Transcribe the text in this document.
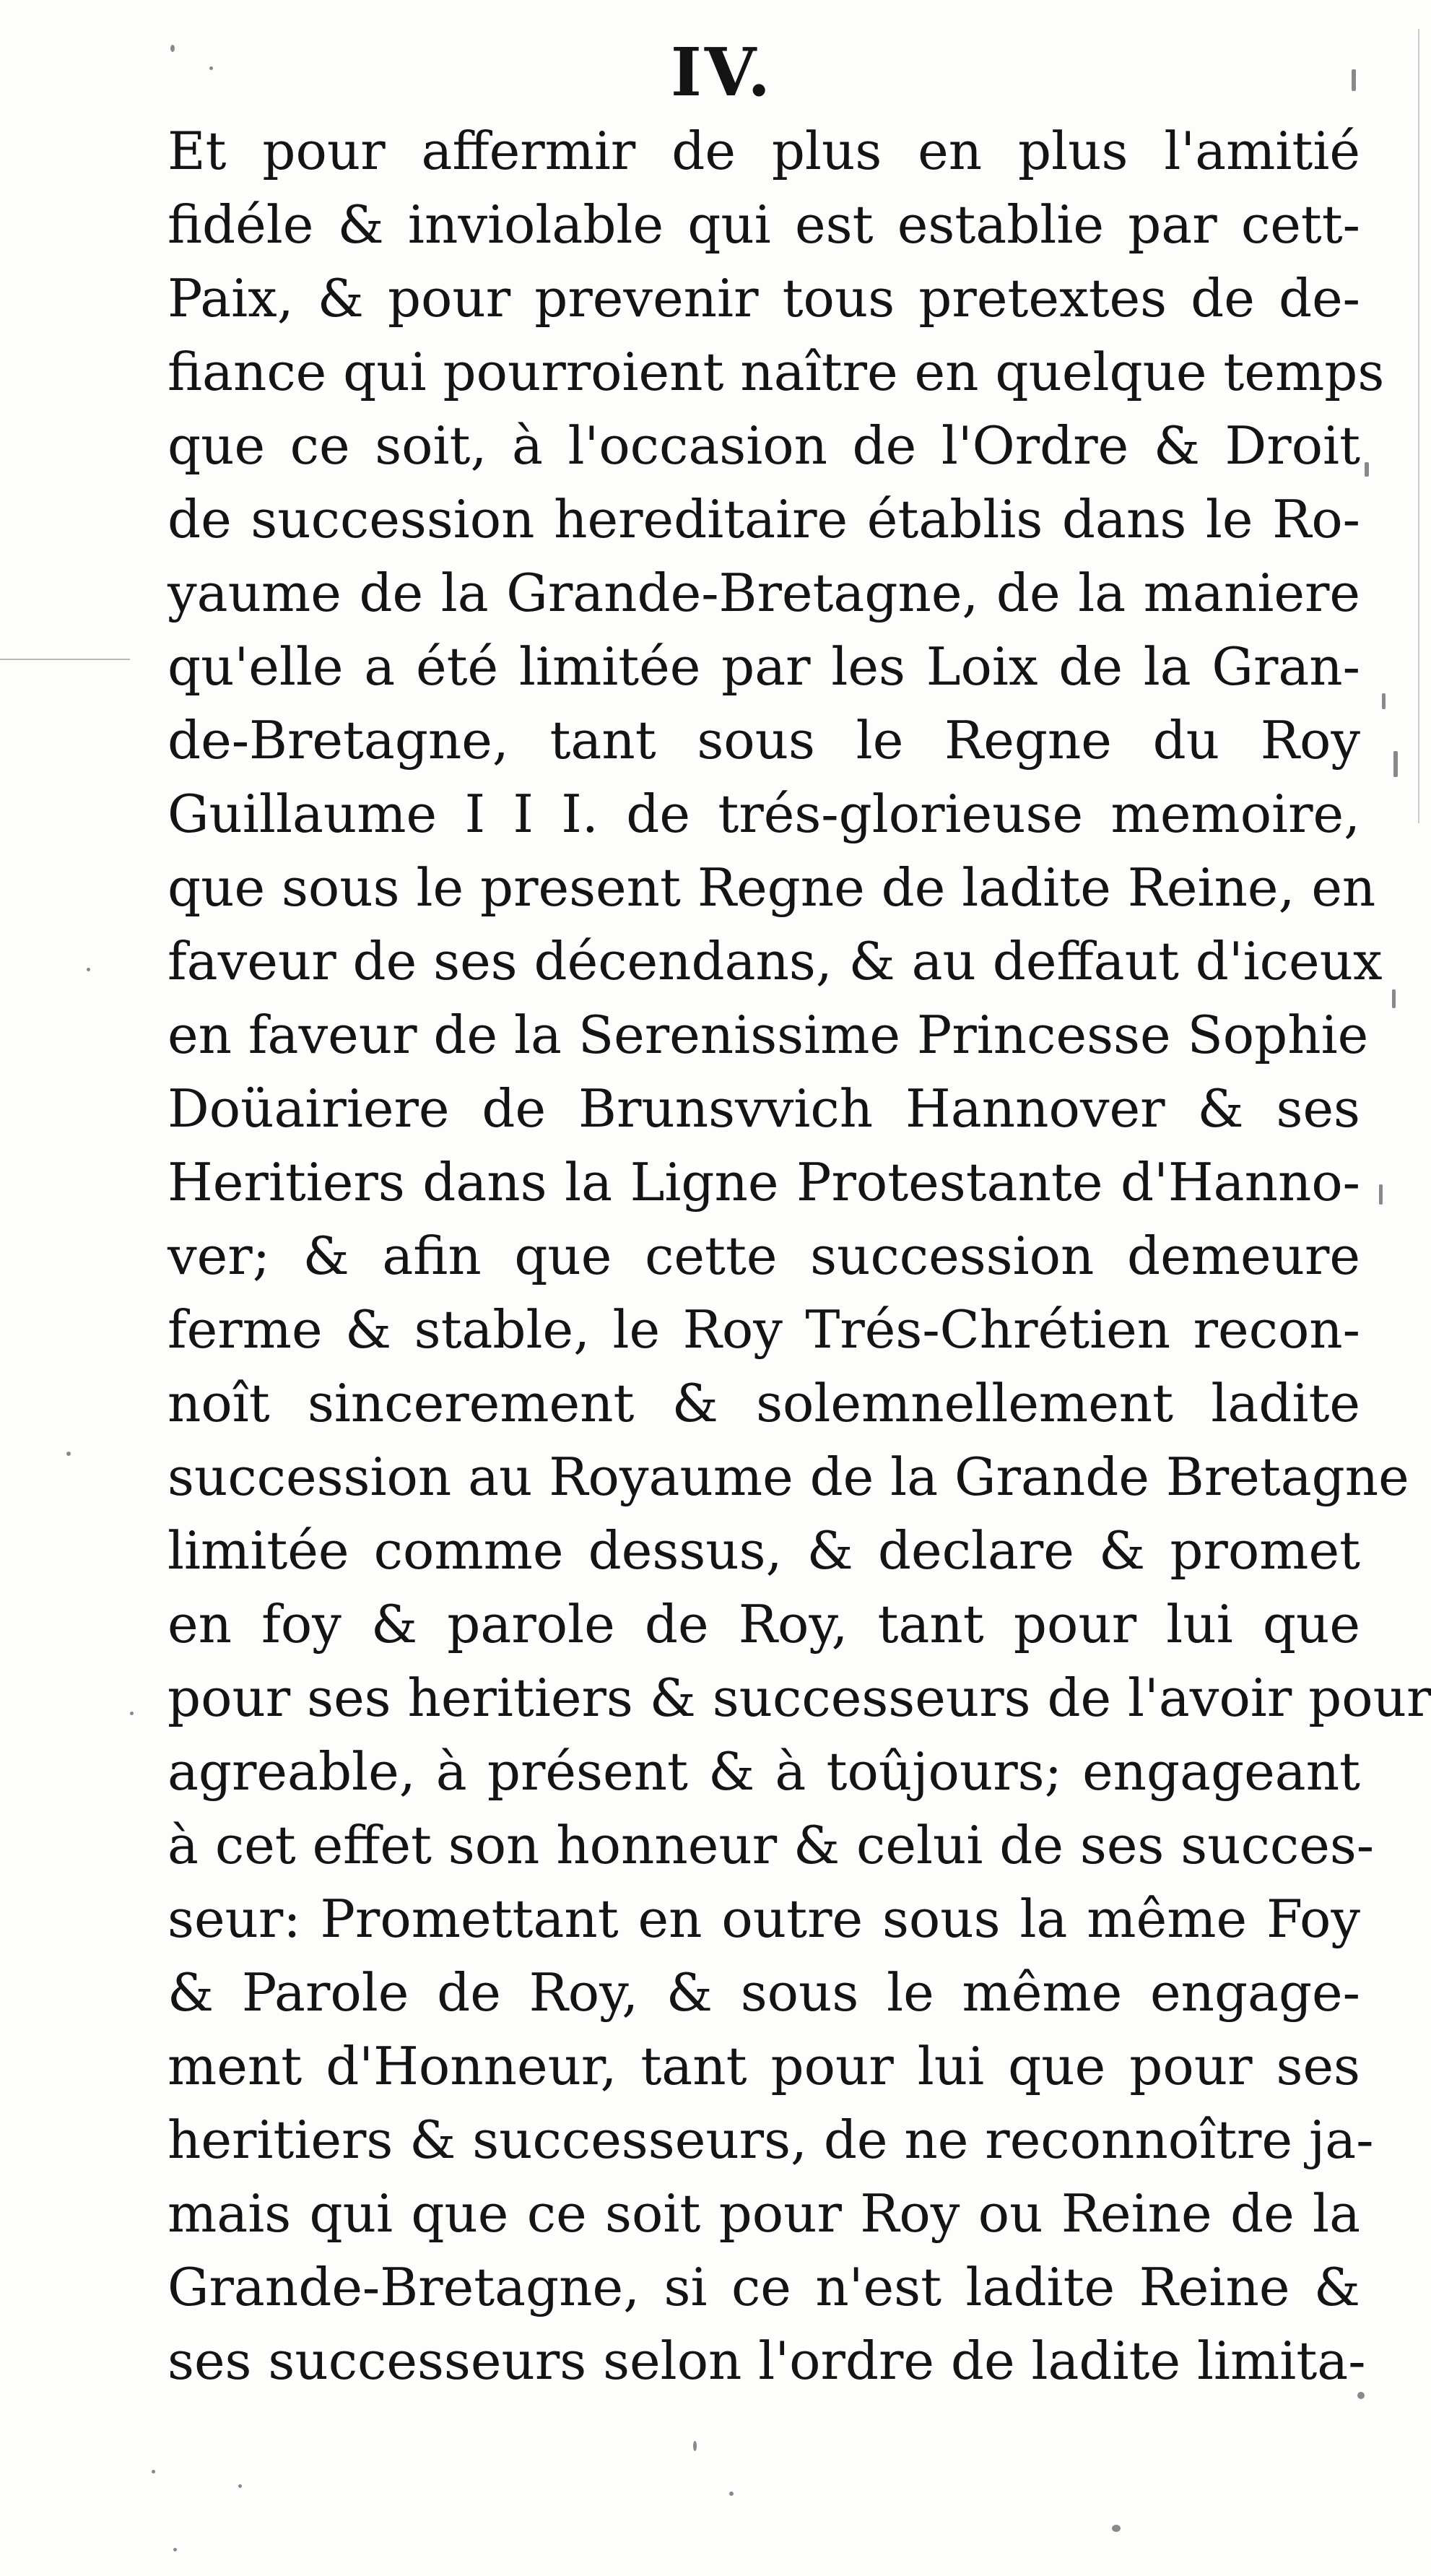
IV.
Et pour affermir de plus en plus l'amitié
fidéle & inviolable qui est establie par cett-
Paix, & pour prevenir tous pretextes de de-
fiance qui pourroient naître en quelque temps
que ce soit, à l'occasion de l'Ordre & Droit
de succession hereditaire établis dans le Ro-
yaume de la Grande-Bretagne, de la maniere
qu'elle a été limitée par les Loix de la Gran-
de-Bretagne, tant sous le Regne du Roy
Guillaume I I I. de trés-glorieuse memoire,
que sous le present Regne de ladite Reine, en
faveur de ses décendans, & au deffaut d'iceux
en faveur de la Serenissime Princesse Sophie
Doüairiere de Brunsvvich Hannover & ses
Heritiers dans la Ligne Protestante d'Hanno-
ver; & afin que cette succession demeure
ferme & stable, le Roy Trés-Chrétien recon-
noît sincerement & solemnellement ladite
succession au Royaume de la Grande Bretagne
limitée comme dessus, & declare & promet
en foy & parole de Roy, tant pour lui que
pour ses heritiers & successeurs de l'avoir pour
agreable, à présent & à toûjours; engageant
à cet effet son honneur & celui de ses succes-
seur: Promettant en outre sous la même Foy
& Parole de Roy, & sous le même engage-
ment d'Honneur, tant pour lui que pour ses
heritiers & successeurs, de ne reconnoître ja-
mais qui que ce soit pour Roy ou Reine de la
Grande-Bretagne, si ce n'est ladite Reine &
ses successeurs selon l'ordre de ladite limita-
